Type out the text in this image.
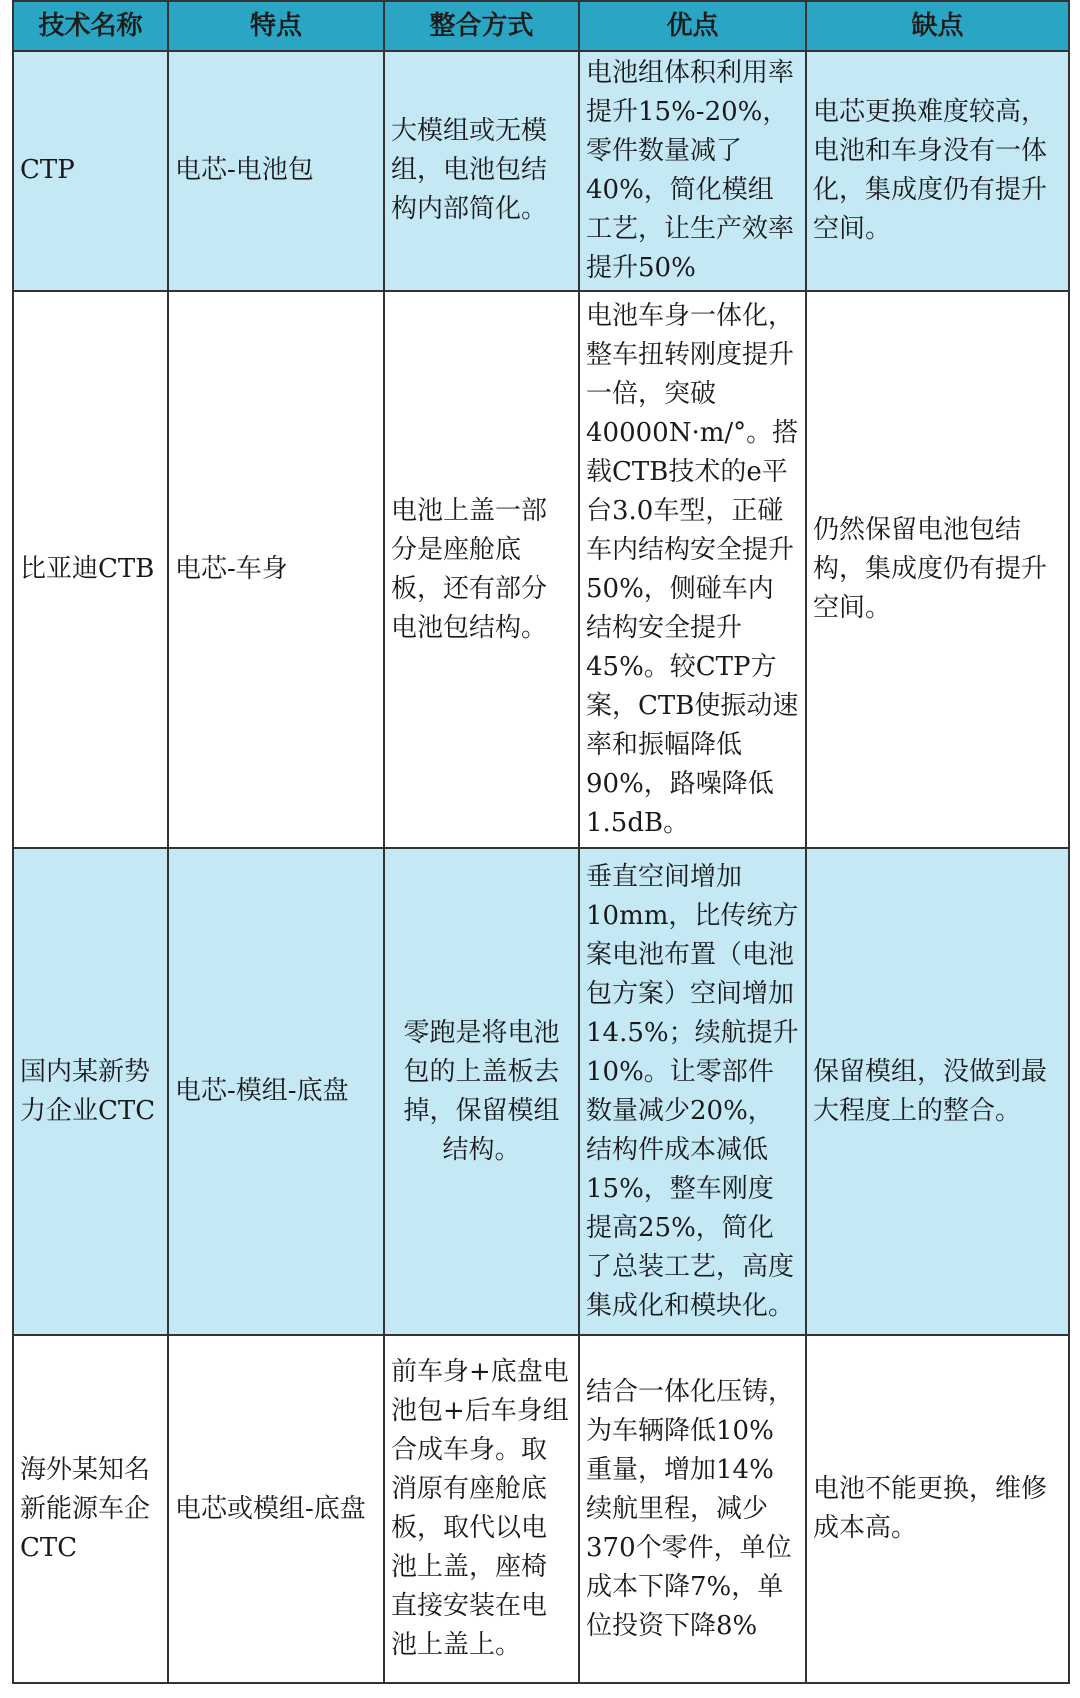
技术名称	特点	整合方式	优点	缺点
CTP	电芯-电池包	大模组或无模组，电池包结构内部简化。	电池组体积利用率提升15%-20%，零件数量减了40%，简化模组工艺，让生产效率提升50%	电芯更换难度较高，电池和车身没有一体化，集成度仍有提升空间。
比亚迪CTB	电芯-车身	电池上盖一部分是座舱底板，还有部分电池包结构。	电池车身一体化，整车扭转刚度提升一倍，突破40000N·m/°。搭载CTB技术的e平台3.0车型，正碰车内结构安全提升50%，侧碰车内结构安全提升45%。较CTP方案，CTB使振动速率和振幅降低90%，路噪降低1.5dB。	仍然保留电池包结构，集成度仍有提升空间。
国内某新势力企业CTC	电芯-模组-底盘	零跑是将电池包的上盖板去掉，保留模组结构。	垂直空间增加10mm，比传统方案电池布置（电池包方案）空间增加14.5%；续航提升10%。让零部件数量减少20%，结构件成本减低15%，整车刚度提高25%，简化了总装工艺，高度集成化和模块化。	保留模组，没做到最大程度上的整合。
海外某知名新能源车企CTC	电芯或模组-底盘	前车身+底盘电池包+后车身组合成车身。取消原有座舱底板，取代以电池上盖，座椅直接安装在电池上盖上。	结合一体化压铸，为车辆降低10%重量，增加14%续航里程，减少370个零件，单位成本下降7%，单位投资下降8%	电池不能更换，维修成本高。
